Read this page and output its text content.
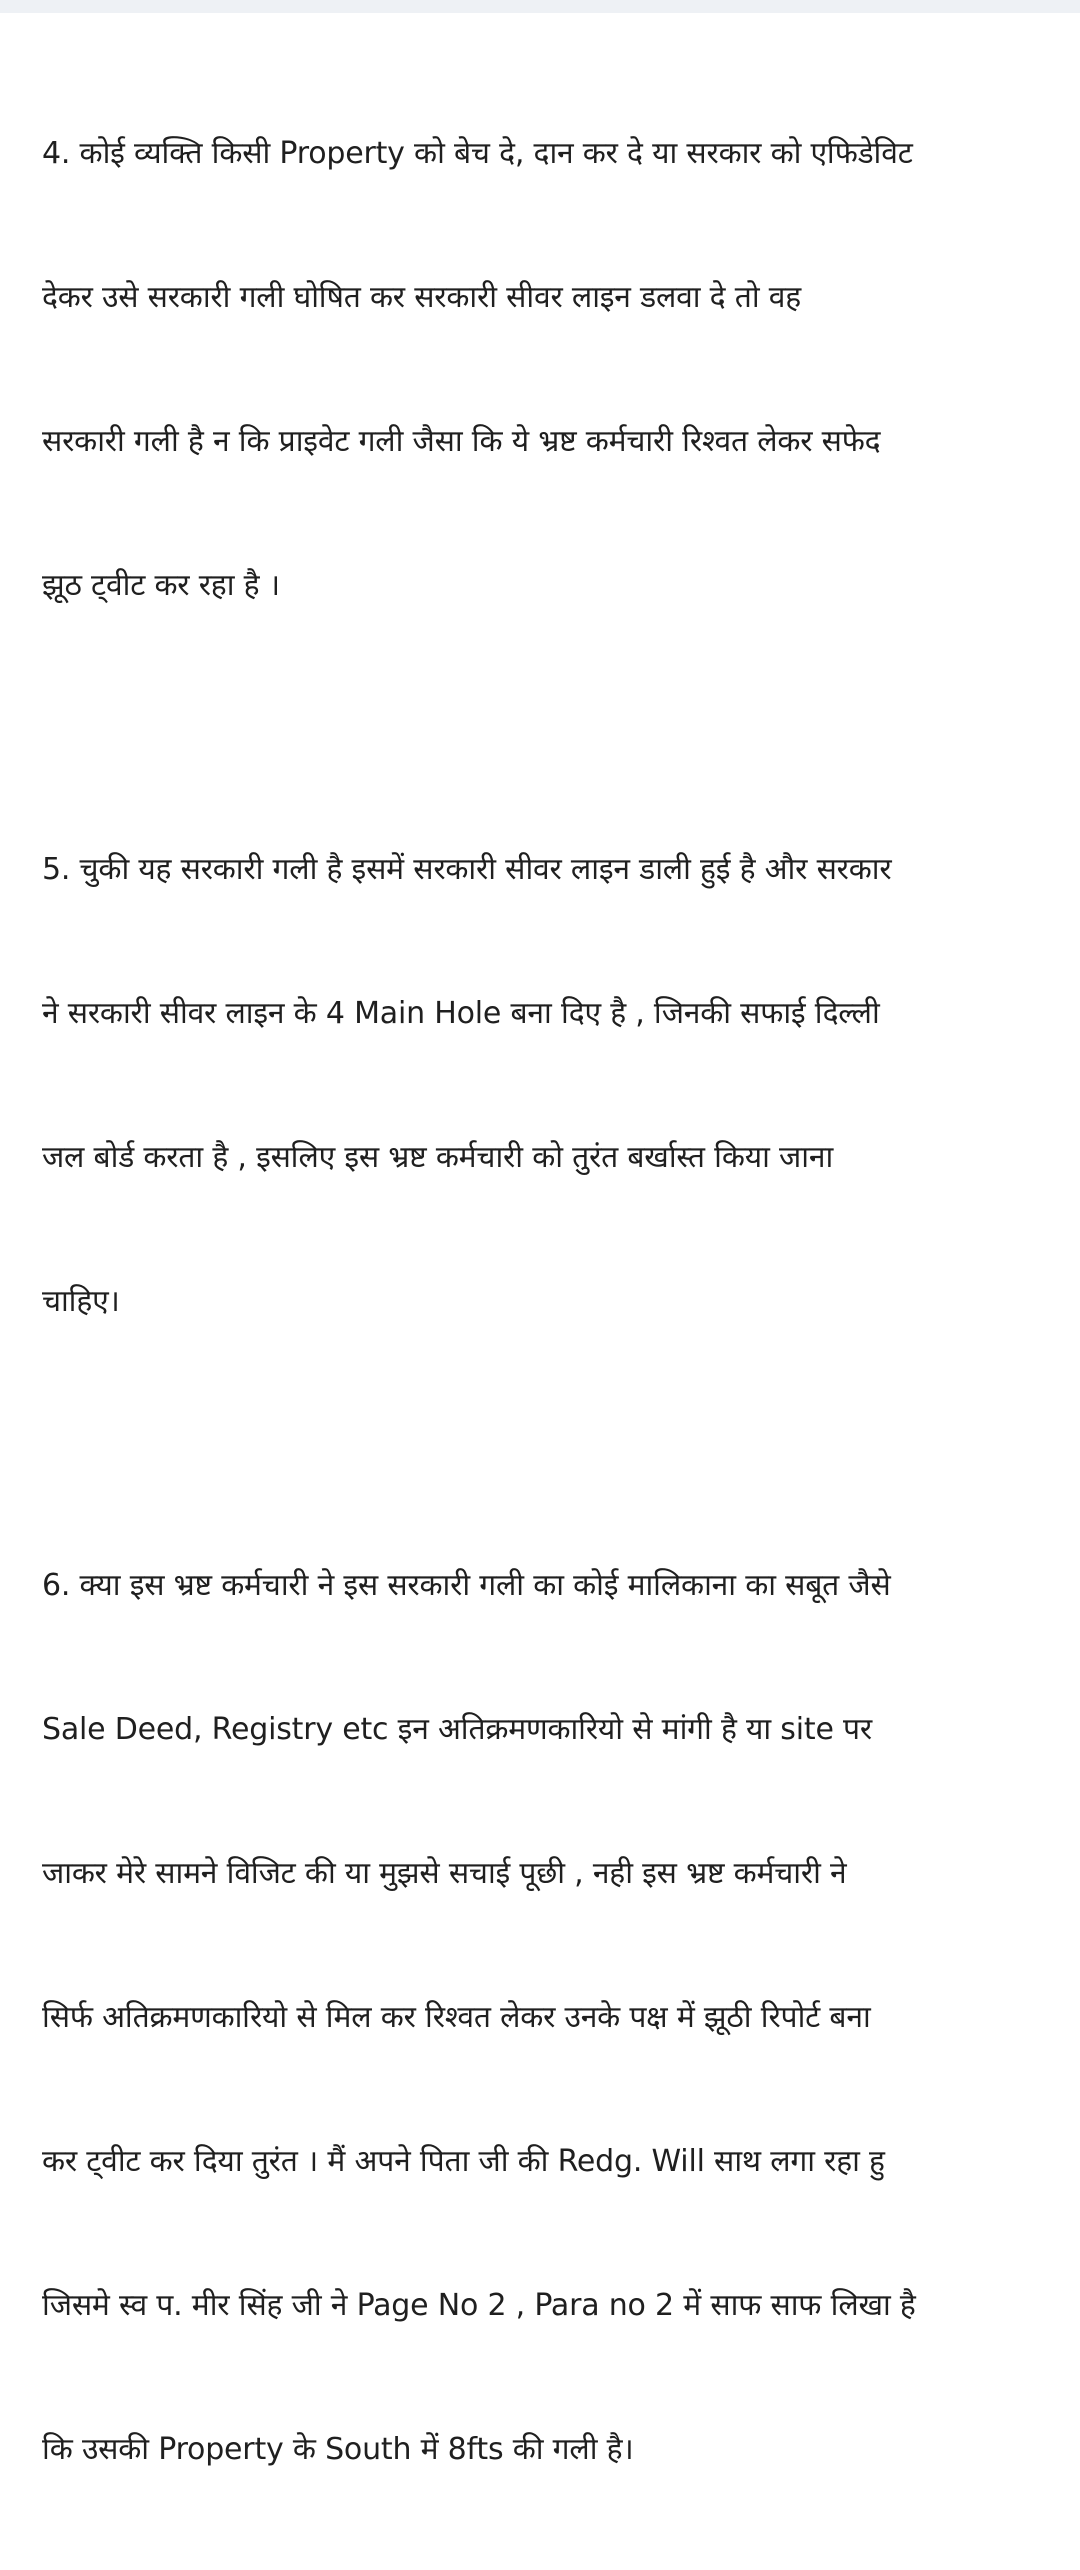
4. कोई व्यक्ति किसी Property को बेच दे, दान कर दे या सरकार को एफिडेविट

देकर उसे सरकारी गली घोषित कर सरकारी सीवर लाइन डलवा दे तो वह

सरकारी गली है न कि प्राइवेट गली जैसा कि ये भ्रष्ट कर्मचारी रिश्वत लेकर सफेद

झूठ ट्वीट कर रहा है ।

5. चुकी यह सरकारी गली है इसमें सरकारी सीवर लाइन डाली हुई है और सरकार

ने सरकारी सीवर लाइन के 4 Main Hole बना दिए है , जिनकी सफाई दिल्ली

जल बोर्ड करता है , इसलिए इस भ्रष्ट कर्मचारी को तुरंत बर्खास्त किया जाना

चाहिए।

6. क्या इस भ्रष्ट कर्मचारी ने इस सरकारी गली का कोई मालिकाना का सबूत जैसे

Sale Deed, Registry etc इन अतिक्रमणकारियो से मांगी है या site पर

जाकर मेरे सामने विजिट की या मुझसे सचाई पूछी , नही इस भ्रष्ट कर्मचारी ने

सिर्फ अतिक्रमणकारियो से मिल कर रिश्वत लेकर उनके पक्ष में झूठी रिपोर्ट बना

कर ट्वीट कर दिया तुरंत । मैं अपने पिता जी की Redg. Will साथ लगा रहा हु

जिसमे स्व प. मीर सिंह जी ने Page No 2 , Para no 2 में साफ साफ लिखा है

कि उसकी Property के South में 8fts की गली है।
